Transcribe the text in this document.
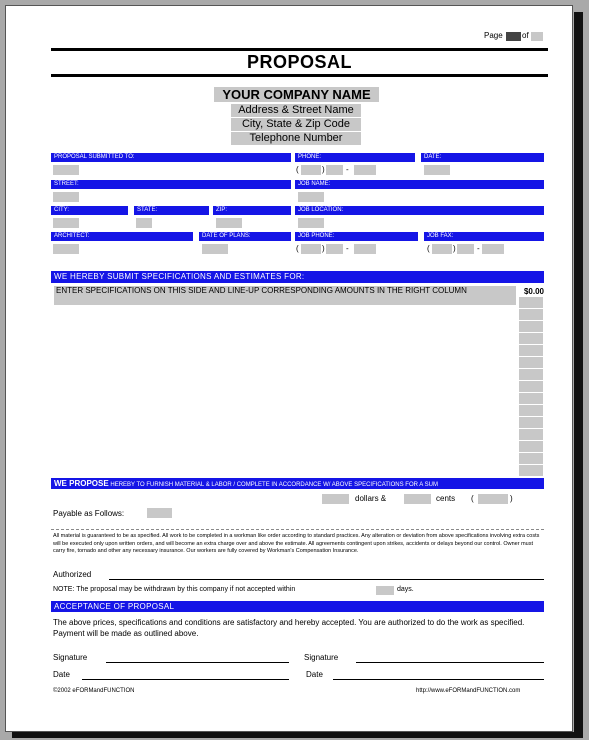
Page of
PROPOSAL
YOUR COMPANY NAME
Address & Street Name
City, State & Zip Code
Telephone Number
PROPOSAL SUBMITTED TO:	PHONE:	DATE:
(	)	-
STREET:	JOB NAME:
CITY:	STATE:	ZIP:	JOB LOCATION:
ARCHITECT:	DATE OF PLANS:	JOB PHONE:	JOB FAX:
(	)	-	(	)	-
WE HEREBY SUBMIT SPECIFICATIONS AND ESTIMATES FOR:
ENTER SPECIFICATIONS ON THIS SIDE AND LINE-UP CORRESPONDING AMOUNTS IN THE RIGHT COLUMN	$0.00
WE PROPOSE HEREBY TO FURNISH MATERIAL & LABOR / COMPLETE IN ACCORDANCE W/ ABOVE SPECIFICATIONS FOR A SUM
dollars &	cents (	)
Payable as Follows:
All material is guaranteed to be as specified. All work to be completed in a workman like order according to standard practices. Any alteration or deviation from above specifications involving extra costs will be executed only upon written orders, and will become an extra charge over and above the estimate. All agreements contingent upon strikes, accidents or delays beyond our control. Owner must carry fire, tornado and other any necessary insurance. Our workers are fully covered by Workman's Compensation Insurance.
Authorized
NOTE: The proposal may be withdrawn by this company if not accepted within	days.
ACCEPTANCE OF PROPOSAL
The above prices, specifications and conditions are satisfactory and hereby accepted. You are authorized to do the work as specified. Payment will be made as outlined above.
Signature	Signature
Date	Date
©2002 eFORMandFUNCTION	http://www.eFORMandFUNCTION.com
